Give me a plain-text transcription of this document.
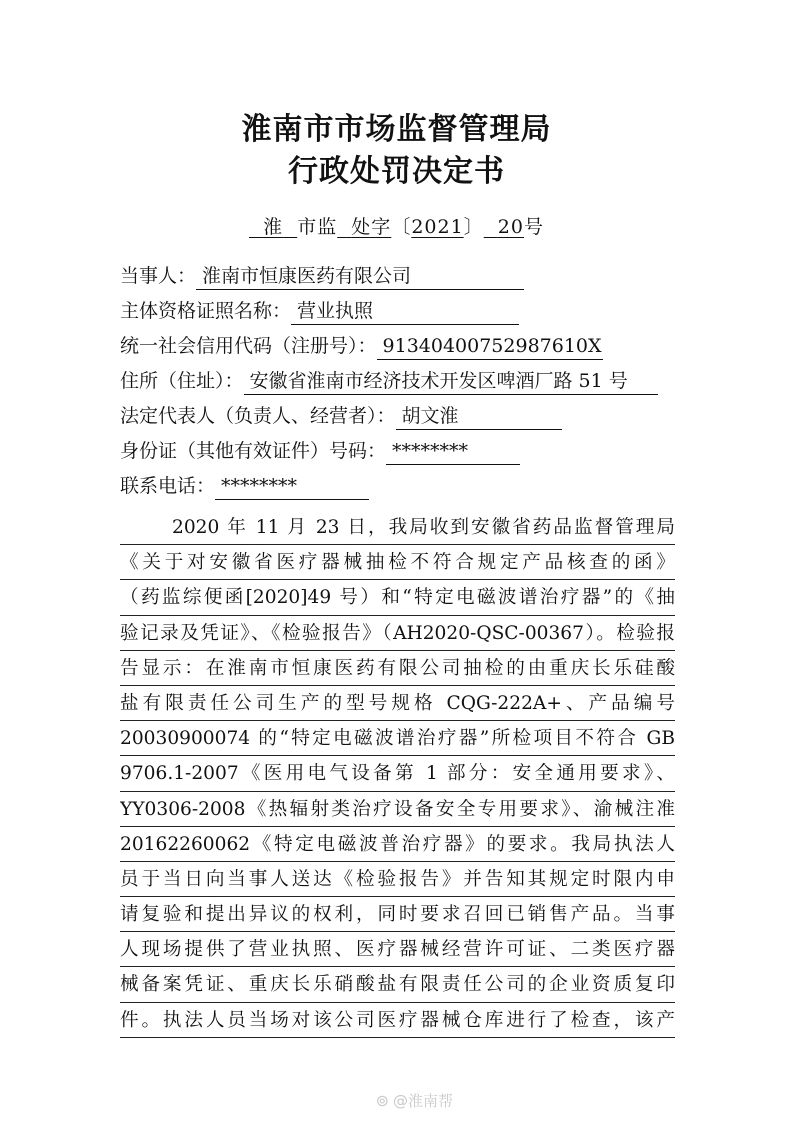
淮南市市场监督管理局
行政处罚决定书
淮 市监 处字〔2021〕 20号
当事人： 淮南市恒康医药有限公司
主体资格证照名称： 营业执照
统一社会信用代码（注册号）： 91340400752987610X
住所（住址）： 安徽省淮南市经济技术开发区啤酒厂路 51 号
法定代表人（负责人、经营者）： 胡文淮
身份证（其他有效证件）号码： ********
联系电话： ********
2020 年 11 月 23 日，我局收到安徽省药品监督管理局
《关于对安徽省医疗器械抽检不符合规定产品核查的函》
（药监综便函[2020]49 号）和“特定电磁波谱治疗器”的《抽
验记录及凭证》、《检验报告》（AH2020-QSC-00367）。检验报
告显示：在淮南市恒康医药有限公司抽检的由重庆长乐硅酸
盐有限责任公司生产的型号规格 CQG-222A+、产品编号
20030900074 的“特定电磁波谱治疗器”所检项目不符合 GB
9706.1-2007《医用电气设备第 1 部分：安全通用要求》、
YY0306-2008《热辐射类治疗设备安全专用要求》、渝械注准
20162260062《特定电磁波普治疗器》的要求。我局执法人
员于当日向当事人送达《检验报告》并告知其规定时限内申
请复验和提出异议的权利，同时要求召回已销售产品。当事
人现场提供了营业执照、医疗器械经营许可证、二类医疗器
械备案凭证、重庆长乐硝酸盐有限责任公司的企业资质复印
件。执法人员当场对该公司医疗器械仓库进行了检查，该产
⊚ @淮南帮
